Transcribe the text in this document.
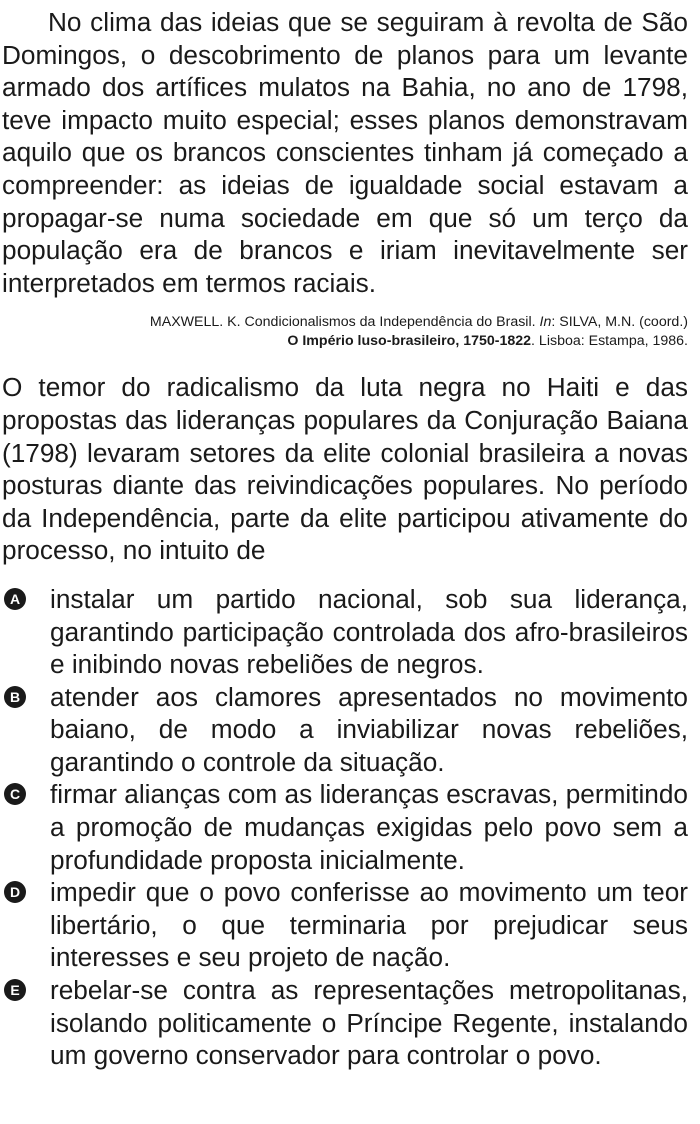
No clima das ideias que se seguiram à revolta de São Domingos, o descobrimento de planos para um levante armado dos artífices mulatos na Bahia, no ano de 1798, teve impacto muito especial; esses planos demonstravam aquilo que os brancos conscientes tinham já começado a compreender: as ideias de igualdade social estavam a propagar-se numa sociedade em que só um terço da população era de brancos e iriam inevitavelmente ser interpretados em termos raciais.

MAXWELL. K. Condicionalismos da Independência do Brasil. In: SILVA, M.N. (coord.)
O Império luso-brasileiro, 1750-1822. Lisboa: Estampa, 1986.

O temor do radicalismo da luta negra no Haiti e das propostas das lideranças populares da Conjuração Baiana (1798) levaram setores da elite colonial brasileira a novas posturas diante das reivindicações populares. No período da Independência, parte da elite participou ativamente do processo, no intuito de

A instalar um partido nacional, sob sua liderança, garantindo participação controlada dos afro-brasileiros e inibindo novas rebeliões de negros.
B atender aos clamores apresentados no movimento baiano, de modo a inviabilizar novas rebeliões, garantindo o controle da situação.
C firmar alianças com as lideranças escravas, permitindo a promoção de mudanças exigidas pelo povo sem a profundidade proposta inicialmente.
D impedir que o povo conferisse ao movimento um teor libertário, o que terminaria por prejudicar seus interesses e seu projeto de nação.
E rebelar-se contra as representações metropolitanas, isolando politicamente o Príncipe Regente, instalando um governo conservador para controlar o povo.
